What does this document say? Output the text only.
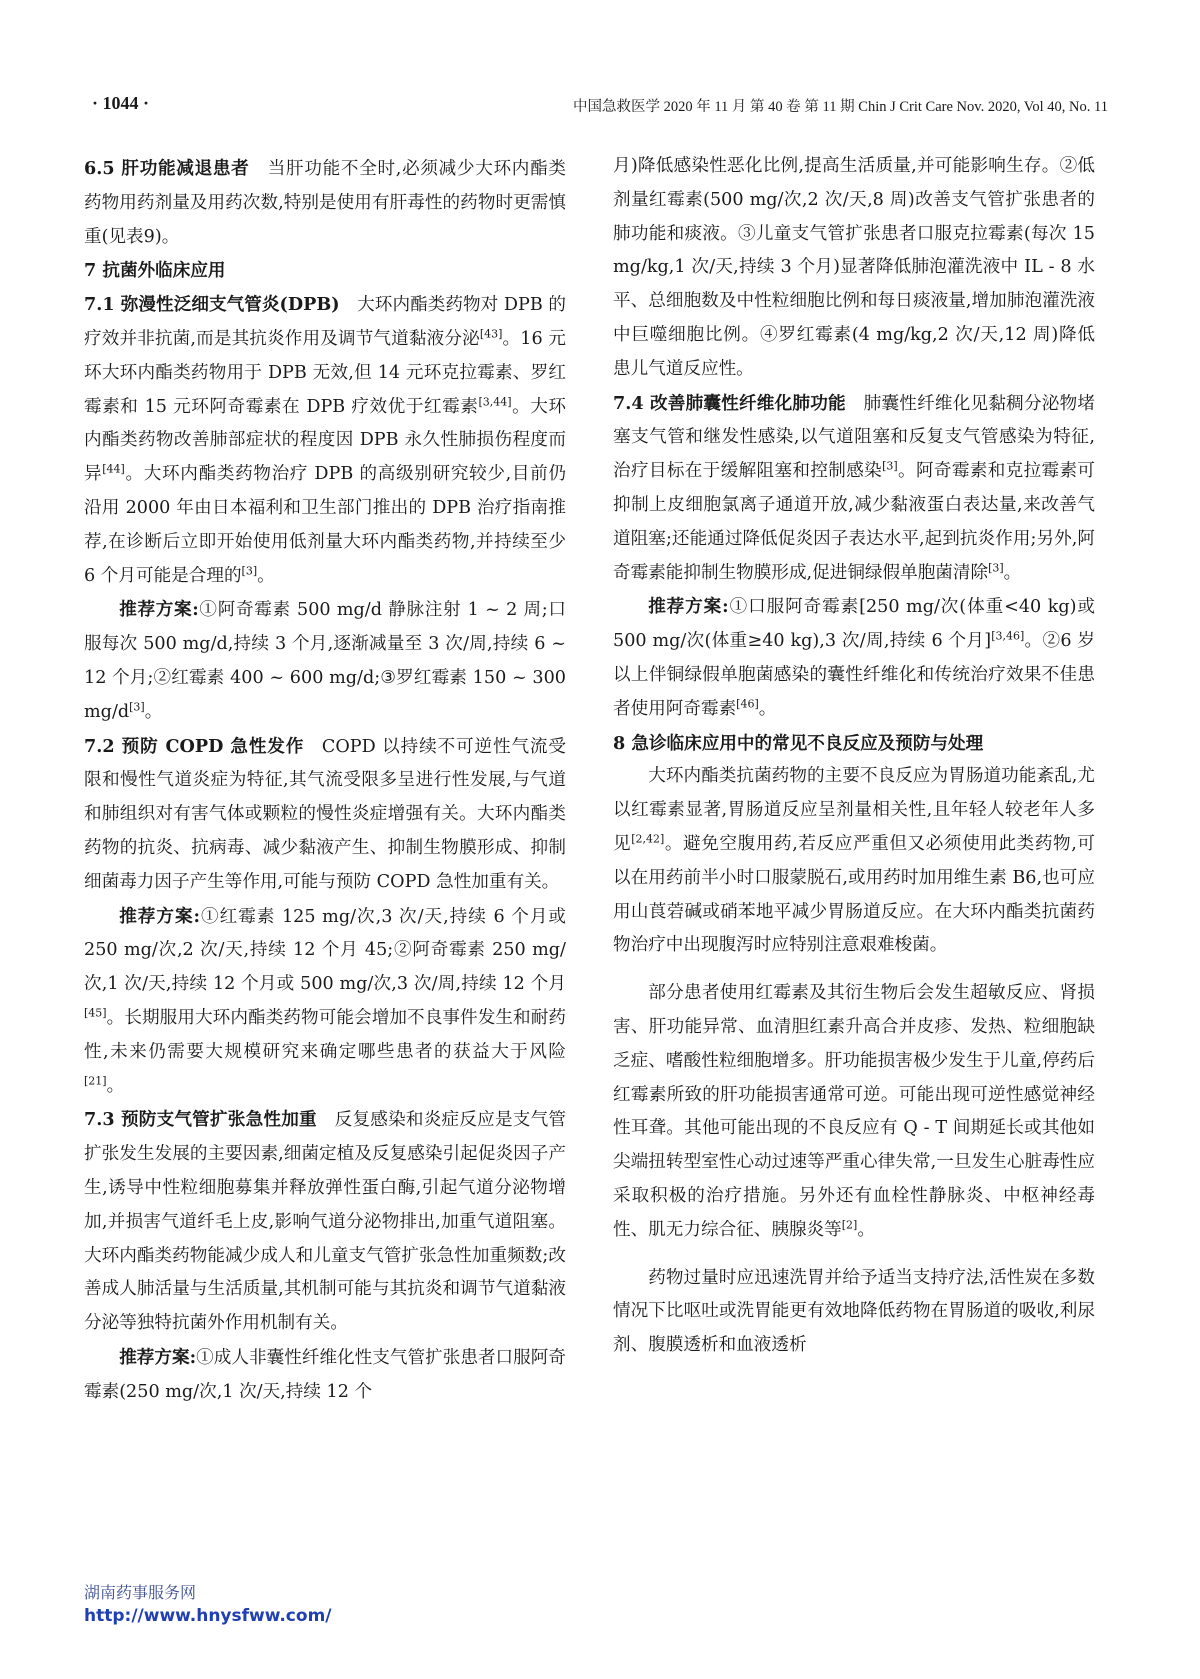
· 1044 ·	中国急救医学 2020 年 11 月 第 40 卷 第 11 期 Chin J Crit Care Nov. 2020, Vol 40, No. 11

6.5 肝功能减退患者  当肝功能不全时,必须减少大环内酯类药物用药剂量及用药次数,特别是使用有肝毒性的药物时更需慎重(见表9)。

7 抗菌外临床应用

7.1 弥漫性泛细支气管炎(DPB)  大环内酯类药物对 DPB 的疗效并非抗菌,而是其抗炎作用及调节气道黏液分泌[43]。16 元环大环内酯类药物用于 DPB 无效,但 14 元环克拉霉素、罗红霉素和 15 元环阿奇霉素在 DPB 疗效优于红霉素[3,44]。大环内酯类药物改善肺部症状的程度因 DPB 永久性肺损伤程度而异[44]。大环内酯类药物治疗 DPB 的高级别研究较少,目前仍沿用 2000 年由日本福利和卫生部门推出的 DPB 治疗指南推荐,在诊断后立即开始使用低剂量大环内酯类药物,并持续至少 6 个月可能是合理的[3]。

推荐方案:①阿奇霉素 500 mg/d 静脉注射 1 ~ 2 周;口服每次 500 mg/d,持续 3 个月,逐渐减量至 3 次/周,持续 6 ~ 12 个月;②红霉素 400 ~ 600 mg/d;③罗红霉素 150 ~ 300 mg/d[3]。

7.2 预防 COPD 急性发作  COPD 以持续不可逆性气流受限和慢性气道炎症为特征,其气流受限多呈进行性发展,与气道和肺组织对有害气体或颗粒的慢性炎症增强有关。大环内酯类药物的抗炎、抗病毒、减少黏液产生、抑制生物膜形成、抑制细菌毒力因子产生等作用,可能与预防 COPD 急性加重有关。

推荐方案:①红霉素 125 mg/次,3 次/天,持续 6 个月或 250 mg/次,2 次/天,持续 12 个月 45;②阿奇霉素 250 mg/次,1 次/天,持续 12 个月或 500 mg/次,3 次/周,持续 12 个月[45]。长期服用大环内酯类药物可能会增加不良事件发生和耐药性,未来仍需要大规模研究来确定哪些患者的获益大于风险[21]。

7.3 预防支气管扩张急性加重  反复感染和炎症反应是支气管扩张发生发展的主要因素,细菌定植及反复感染引起促炎因子产生,诱导中性粒细胞募集并释放弹性蛋白酶,引起气道分泌物增加,并损害气道纤毛上皮,影响气道分泌物排出,加重气道阻塞。大环内酯类药物能减少成人和儿童支气管扩张急性加重频数;改善成人肺活量与生活质量,其机制可能与其抗炎和调节气道黏液分泌等独特抗菌外作用机制有关。

推荐方案:①成人非囊性纤维化性支气管扩张患者口服阿奇霉素(250 mg/次,1 次/天,持续 12 个

月)降低感染性恶化比例,提高生活质量,并可能影响生存。②低剂量红霉素(500 mg/次,2 次/天,8 周)改善支气管扩张患者的肺功能和痰液。③儿童支气管扩张患者口服克拉霉素(每次 15 mg/kg,1 次/天,持续 3 个月)显著降低肺泡灌洗液中 IL - 8 水平、总细胞数及中性粒细胞比例和每日痰液量,增加肺泡灌洗液中巨噬细胞比例。④罗红霉素(4 mg/kg,2 次/天,12 周)降低患儿气道反应性。

7.4 改善肺囊性纤维化肺功能  肺囊性纤维化见黏稠分泌物堵塞支气管和继发性感染,以气道阻塞和反复支气管感染为特征,治疗目标在于缓解阻塞和控制感染[3]。阿奇霉素和克拉霉素可抑制上皮细胞氯离子通道开放,减少黏液蛋白表达量,来改善气道阻塞;还能通过降低促炎因子表达水平,起到抗炎作用;另外,阿奇霉素能抑制生物膜形成,促进铜绿假单胞菌清除[3]。

推荐方案:①口服阿奇霉素[250 mg/次(体重<40 kg)或 500 mg/次(体重≥40 kg),3 次/周,持续 6 个月][3,46]。②6 岁以上伴铜绿假单胞菌感染的囊性纤维化和传统治疗效果不佳患者使用阿奇霉素[46]。

8 急诊临床应用中的常见不良反应及预防与处理

大环内酯类抗菌药物的主要不良反应为胃肠道功能紊乱,尤以红霉素显著,胃肠道反应呈剂量相关性,且年轻人较老年人多见[2,42]。避免空腹用药,若反应严重但又必须使用此类药物,可以在用药前半小时口服蒙脱石,或用药时加用维生素 B6,也可应用山莨菪碱或硝苯地平减少胃肠道反应。在大环内酯类抗菌药物治疗中出现腹泻时应特别注意艰难梭菌。

部分患者使用红霉素及其衍生物后会发生超敏反应、肾损害、肝功能异常、血清胆红素升高合并皮疹、发热、粒细胞缺乏症、嗜酸性粒细胞增多。肝功能损害极少发生于儿童,停药后红霉素所致的肝功能损害通常可逆。可能出现可逆性感觉神经性耳聋。其他可能出现的不良反应有 Q - T 间期延长或其他如尖端扭转型室性心动过速等严重心律失常,一旦发生心脏毒性应采取积极的治疗措施。另外还有血栓性静脉炎、中枢神经毒性、肌无力综合征、胰腺炎等[2]。

药物过量时应迅速洗胃并给予适当支持疗法,活性炭在多数情况下比呕吐或洗胃能更有效地降低药物在胃肠道的吸收,利尿剂、腹膜透析和血液透析

湖南药事服务网
http://www.hnysfww.com/
